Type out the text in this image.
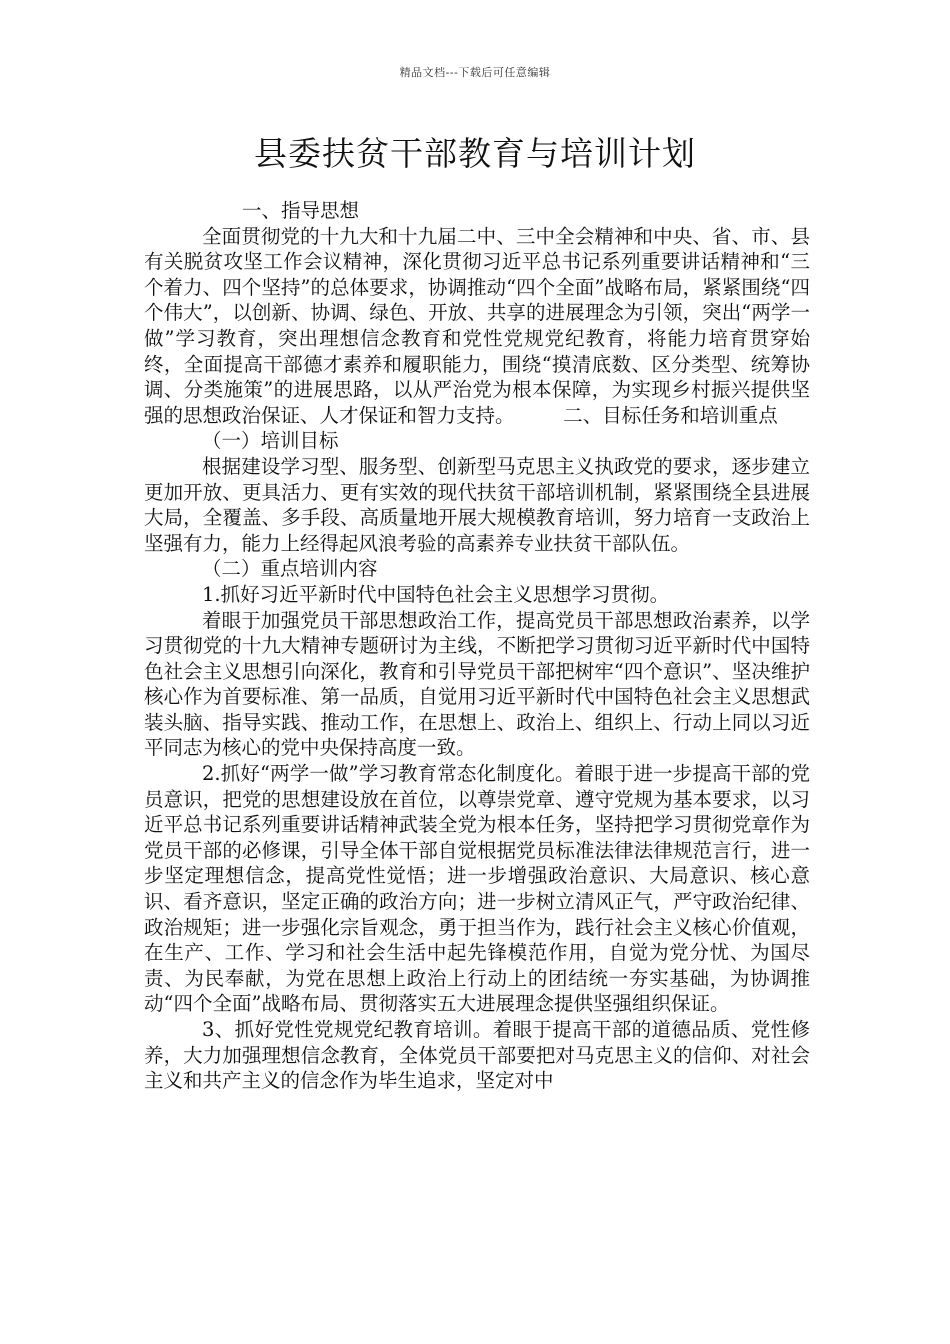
精品文档---下载后可任意编辑
县委扶贫干部教育与培训计划

一、指导思想

全面贯彻党的十九大和十九届二中、三中全会精神和中央、省、市、县有关脱贫攻坚工作会议精神，深化贯彻习近平总书记系列重要讲话精神和“三个着力、四个坚持”的总体要求，协调推动“四个全面”战略布局，紧紧围绕“四个伟大”，以创新、协调、绿色、开放、共享的进展理念为引领，突出“两学一做”学习教育，突出理想信念教育和党性党规党纪教育，将能力培育贯穿始终，全面提高干部德才素养和履职能力，围绕“摸清底数、区分类型、统筹协调、分类施策”的进展思路，以从严治党为根本保障，为实现乡村振兴提供坚强的思想政治保证、人才保证和智力支持。　　　二、目标任务和培训重点

（一）培训目标

根据建设学习型、服务型、创新型马克思主义执政党的要求，逐步建立更加开放、更具活力、更有实效的现代扶贫干部培训机制，紧紧围绕全县进展大局，全覆盖、多手段、高质量地开展大规模教育培训，努力培育一支政治上坚强有力，能力上经得起风浪考验的高素养专业扶贫干部队伍。

（二）重点培训内容

1.抓好习近平新时代中国特色社会主义思想学习贯彻。

着眼于加强党员干部思想政治工作，提高党员干部思想政治素养，以学习贯彻党的十九大精神专题研讨为主线，不断把学习贯彻习近平新时代中国特色社会主义思想引向深化，教育和引导党员干部把树牢“四个意识”、坚决维护核心作为首要标准、第一品质，自觉用习近平新时代中国特色社会主义思想武装头脑、指导实践、推动工作，在思想上、政治上、组织上、行动上同以习近平同志为核心的党中央保持高度一致。

2.抓好“两学一做”学习教育常态化制度化。着眼于进一步提高干部的党员意识，把党的思想建设放在首位，以尊崇党章、遵守党规为基本要求，以习近平总书记系列重要讲话精神武装全党为根本任务，坚持把学习贯彻党章作为党员干部的必修课，引导全体干部自觉根据党员标准法律法律规范言行，进一步坚定理想信念，提高党性觉悟；进一步增强政治意识、大局意识、核心意识、看齐意识，坚定正确的政治方向；进一步树立清风正气，严守政治纪律、政治规矩；进一步强化宗旨观念，勇于担当作为，践行社会主义核心价值观，在生产、工作、学习和社会生活中起先锋模范作用，自觉为党分忧、为国尽责、为民奉献，为党在思想上政治上行动上的团结统一夯实基础，为协调推动“四个全面”战略布局、贯彻落实五大进展理念提供坚强组织保证。

3、抓好党性党规党纪教育培训。着眼于提高干部的道德品质、党性修养，大力加强理想信念教育，全体党员干部要把对马克思主义的信仰、对社会主义和共产主义的信念作为毕生追求，坚定对中
